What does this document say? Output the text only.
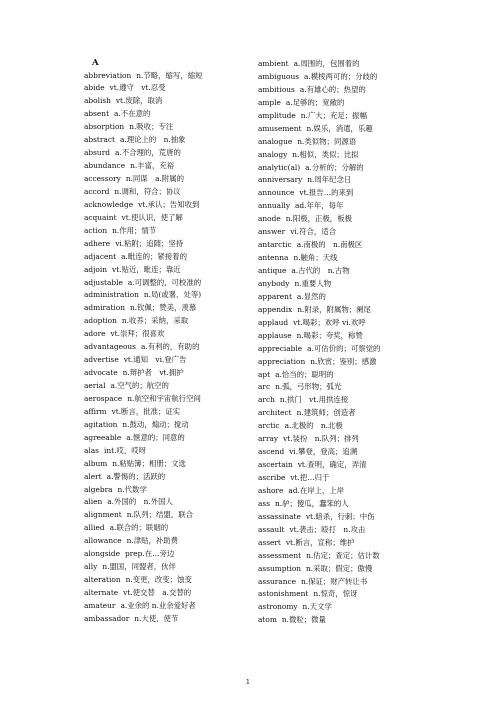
A
abbreviation n.节略，缩写，缩短
abide vt.遵守　vt.忍受
abolish vt.废除，取消
absent a.不在意的
absorption n.吸收；专注
abstract a.理论上的　n.抽象
absurd a.不合理的，荒唐的
abundance n.丰富，充裕
accessory n.同谋　a.附属的
accord n.调和，符合；协议
acknowledge vt.承认；告知收到
acquaint vt.使认识，使了解
action n.作用；情节
adhere vi.粘附；追随；坚持
adjacent a.毗连的；紧接着的
adjoin vt.贴近，毗连；靠近
adjustable a.可调整的，可校准的
administration n.局(或署、处等)
admiration n.钦佩；赞美，羡慕
adoption n.收养；采纳，采取
adore vt.崇拜；很喜欢
advantageous a.有利的，有助的
advertise vt.通知　vi.登广告
advocate n.辩护者　vt.拥护
aerial a.空气的；航空的
aerospace n.航空和宇宙航行空间
affirm vt.断言，批准；证实
agitation n.鼓动，煽动；搅动
agreeable a.惬意的；同意的
alas int.哎，哎呀
album n.粘贴簿；相册；文选
alert a.警惕的；活跃的
algebra n.代数学
alien a.外国的　n.外国人
alignment n.队列；结盟，联合
allied a.联合的；联姻的
allowance n.津贴，补助费
alongside prep.在…旁边
ally n.盟国，同盟者，伙伴
alteration n.变更，改变；蚀变
alternate vt.使交替　a.交替的
amateur a.业余的 n.业余爱好者
ambassador n.大使，使节
ambient a.周围的，包围着的
ambiguous a.模棱两可的；分歧的
ambitious a.有雄心的；热望的
ample a.足够的；宽敞的
amplitude n.广大；充足；振幅
amusement n.娱乐，消遣，乐趣
analogue n.类似物；同源语
analogy n.相似，类似；比拟
analytic(al) a.分析的；分解的
anniversary n.周年纪念日
announce vt.报告…的来到
annually ad.年年，每年
anode n.阳极，正极，板极
answer vi.符合，适合
antarctic a.南极的　n.南极区
antenna n.触角；天线
antique a.古代的　n.古物
anybody n.重要人物
apparent a.显然的
appendix n.附录，附属物；阑尾
applaud vt.喝彩；欢呼 vi.欢呼
applause n.喝彩；夸奖，称赞
appreciable a.可估价的；可察觉的
appreciation n.欣赏；鉴别；感激
apt a.恰当的；聪明的
arc n.弧，弓形物；弧光
arch n.拱门　vt.用拱连接
architect n.建筑师；创造者
arctic a.北极的　n.北极
array vt.装扮　n.队列；排列
ascend vi.攀登，登高；追溯
ascertain vt.查明，确定，弄清
ascribe vt.把…归于
ashore ad.在岸上，上岸
ass n.驴；傻瓜，蠢笨的人
assassinate vt.暗杀，行刺；中伤
assault vt.袭击；殴打　n.攻击
assert vt.断言，宣称；维护
assessment n.估定；查定；估计数
assumption n.采取；假定；傲慢
assurance n.保证；财产转让书
astonishment n.惊奇，惊讶
astronomy n.天文学
atom n.微粒；微量
1
